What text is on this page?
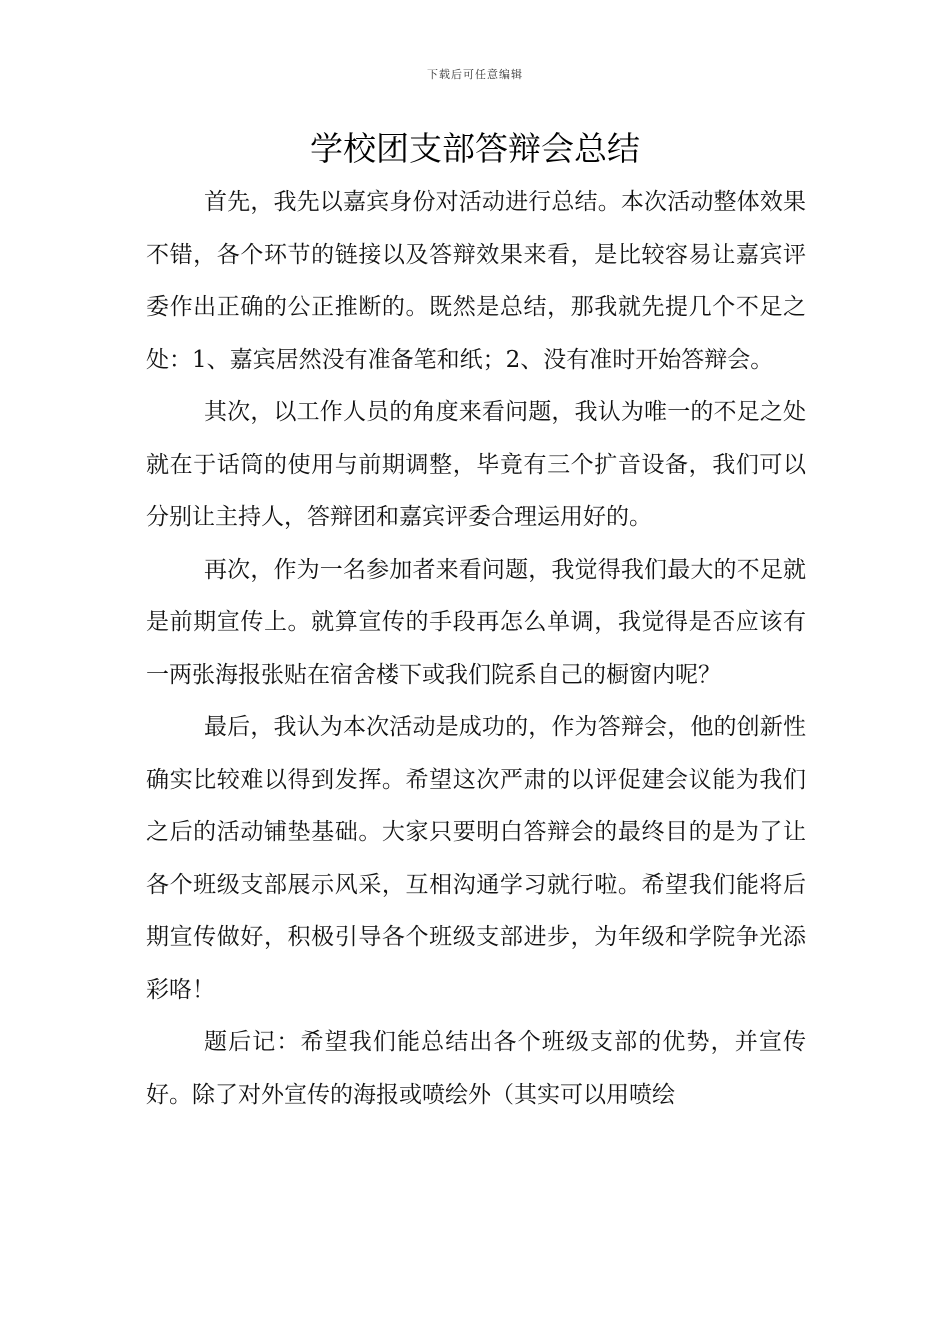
下载后可任意编辑
学校团支部答辩会总结

首先，我先以嘉宾身份对活动进行总结。本次活动整体效果不错，各个环节的链接以及答辩效果来看，是比较容易让嘉宾评委作出正确的公正推断的。既然是总结，那我就先提几个不足之处：1、嘉宾居然没有准备笔和纸；2、没有准时开始答辩会。

其次，以工作人员的角度来看问题，我认为唯一的不足之处就在于话筒的使用与前期调整，毕竟有三个扩音设备，我们可以分别让主持人，答辩团和嘉宾评委合理运用好的。

再次，作为一名参加者来看问题，我觉得我们最大的不足就是前期宣传上。就算宣传的手段再怎么单调，我觉得是否应该有一两张海报张贴在宿舍楼下或我们院系自己的橱窗内呢？

最后，我认为本次活动是成功的，作为答辩会，他的创新性确实比较难以得到发挥。希望这次严肃的以评促建会议能为我们之后的活动铺垫基础。大家只要明白答辩会的最终目的是为了让各个班级支部展示风采，互相沟通学习就行啦。希望我们能将后期宣传做好，积极引导各个班级支部进步，为年级和学院争光添彩咯！

题后记：希望我们能总结出各个班级支部的优势，并宣传好。除了对外宣传的海报或喷绘外（其实可以用喷绘
